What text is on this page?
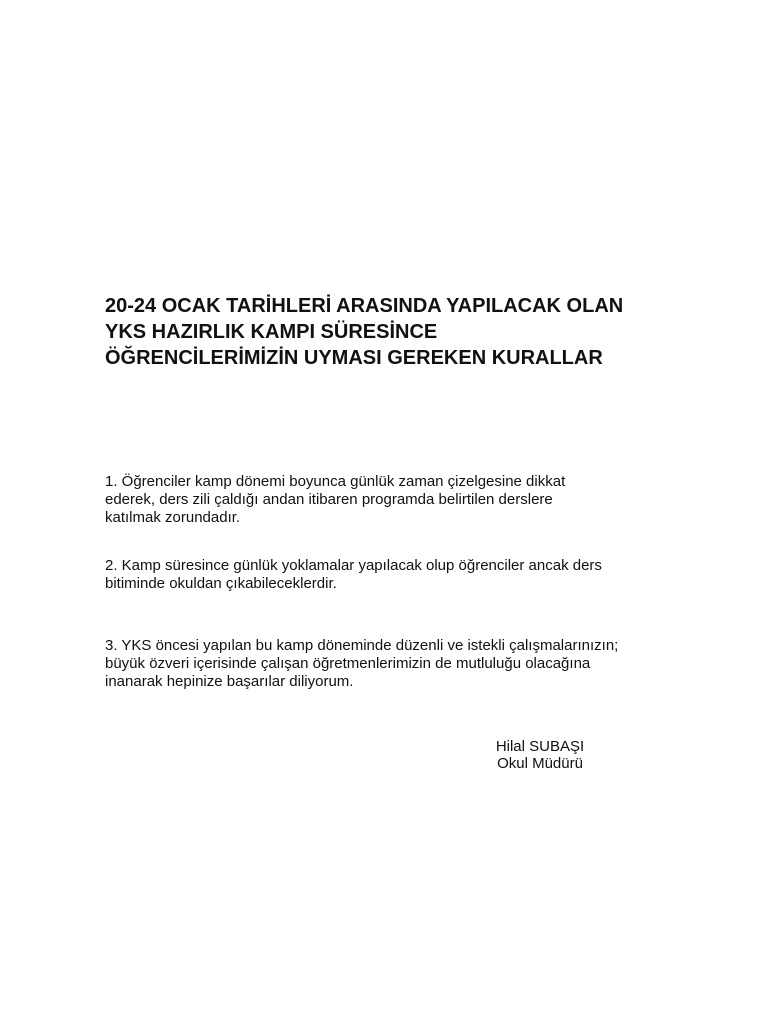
20-24 OCAK TARİHLERİ ARASINDA YAPILACAK OLAN
YKS HAZIRLIK KAMPI SÜRESİNCE
ÖĞRENCİLERİMİZİN UYMASI GEREKEN KURALLAR

1. Öğrenciler kamp dönemi boyunca günlük zaman çizelgesine dikkat
ederek, ders zili çaldığı andan itibaren programda belirtilen derslere
katılmak zorundadır.

2. Kamp süresince günlük yoklamalar yapılacak olup öğrenciler ancak ders
bitiminde okuldan çıkabileceklerdir.

3. YKS öncesi yapılan bu kamp döneminde düzenli ve istekli çalışmalarınızın;
büyük özveri içerisinde çalışan öğretmenlerimizin de mutluluğu olacağına
inanarak hepinize başarılar diliyorum.

Hilal SUBAŞI
Okul Müdürü
